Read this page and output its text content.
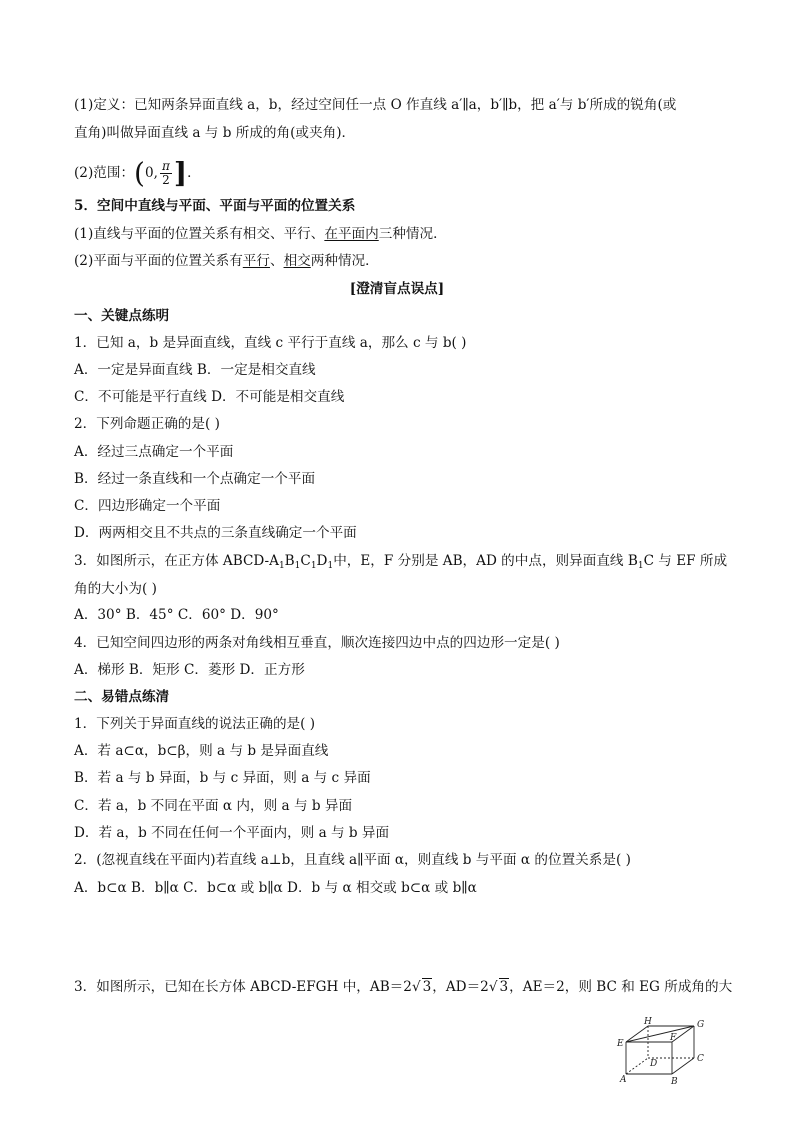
(1)定义：已知两条异面直线 a，b，经过空间任一点 O 作直线 a′∥a，b′∥b，把 a′与 b′所成的锐角(或
直角)叫做异面直线 a 与 b 所成的角(或夹角)．
(2)范围：(0, $\frac{\pi}{2}$ ]．
5．空间中直线与平面、平面与平面的位置关系
(1)直线与平面的位置关系有相交、平行、在平面内三种情况．
(2)平面与平面的位置关系有平行、相交两种情况．
[澄清盲点误点]
一、关键点练明
1．已知 a，b 是异面直线，直线 c 平行于直线 a，那么 c 与 b( )
A．一定是异面直线 B．一定是相交直线
C．不可能是平行直线 D．不可能是相交直线
2．下列命题正确的是( )
A．经过三点确定一个平面
B．经过一条直线和一个点确定一个平面
C．四边形确定一个平面
D．两两相交且不共点的三条直线确定一个平面
3．如图所示，在正方体 ABCD-$A_1B_1C_1D_1$中，E，F 分别是 AB，AD 的中点，则异面直线 $B_1C$ 与 EF 所成
角的大小为( )
A．30° B．45° C．60° D．90°
4．已知空间四边形的两条对角线相互垂直，顺次连接四边中点的四边形一定是( )
A．梯形 B．矩形 C．菱形 D．正方形
二、易错点练清
1．下列关于异面直线的说法正确的是( )
A．若 a⊂α，b⊂β，则 a 与 b 是异面直线
B．若 a 与 b 异面，b 与 c 异面，则 a 与 c 异面
C．若 a，b 不同在平面 α 内，则 a 与 b 异面
D．若 a，b 不同在任何一个平面内，则 a 与 b 异面
2．(忽视直线在平面内)若直线 a⊥b，且直线 a∥平面 α，则直线 b 与平面 α 的位置关系是( )
A．b⊂α B．b∥α C．b⊂α 或 b∥α D．b 与 α 相交或 b⊂α 或 b∥α
3．如图所示，已知在长方体 ABCD-EFGH 中，AB＝2√ 3，AD＝2√ 3，AE＝2，则 BC 和 EG 所成角的大
H	G
E
F
D	C
A	B
